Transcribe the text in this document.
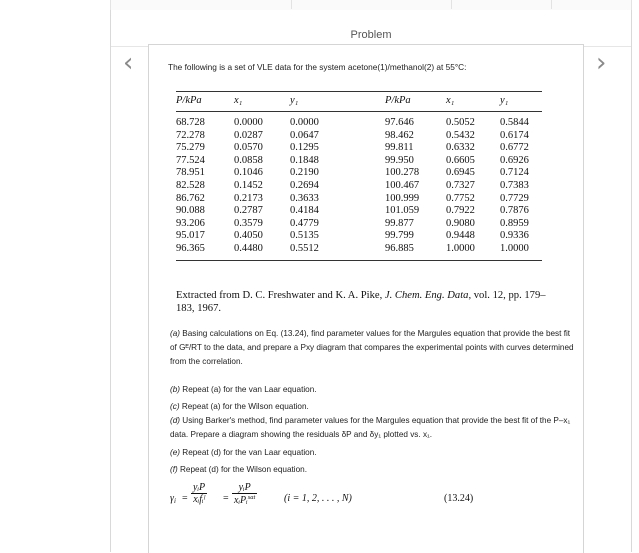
Problem
‹	›
The following is a set of VLE data for the system acetone(1)/methanol(2) at 55°C:
P/kPa	x₁	y₁	P/kPa	x₁	y₁
68.728	0.0000	0.0000	97.646	0.5052	0.5844
72.278	0.0287	0.0647	98.462	0.5432	0.6174
75.279	0.0570	0.1295	99.811	0.6332	0.6772
77.524	0.0858	0.1848	99.950	0.6605	0.6926
78.951	0.1046	0.2190	100.278	0.6945	0.7124
82.528	0.1452	0.2694	100.467	0.7327	0.7383
86.762	0.2173	0.3633	100.999	0.7752	0.7729
90.088	0.2787	0.4184	101.059	0.7922	0.7876
93.206	0.3579	0.4779	99.877	0.9080	0.8959
95.017	0.4050	0.5135	99.799	0.9448	0.9336
96.365	0.4480	0.5512	96.885	1.0000	1.0000
Extracted from D. C. Freshwater and K. A. Pike, J. Chem. Eng. Data, vol. 12, pp. 179–183, 1967.
(a) Basing calculations on Eq. (13.24), find parameter values for the Margules equation that provide the best fit of Gᴱ/RT to the data, and prepare a Pxy diagram that compares the experimental points with curves determined from the correlation.
(b) Repeat (a) for the van Laar equation.
(c) Repeat (a) for the Wilson equation.
(d) Using Barker's method, find parameter values for the Margules equation that provide the best fit of the P–x₁ data. Prepare a diagram showing the residuals δP and δy₁ plotted vs. x₁.
(e) Repeat (d) for the van Laar equation.
(f) Repeat (d) for the Wilson equation.
$\gamma_i$ =
yᵢP
xᵢfᵢˡ =
yᵢP
xᵢPᵢ$^{sat}$	(i = 1, 2, . . . , N)	(13.24)
